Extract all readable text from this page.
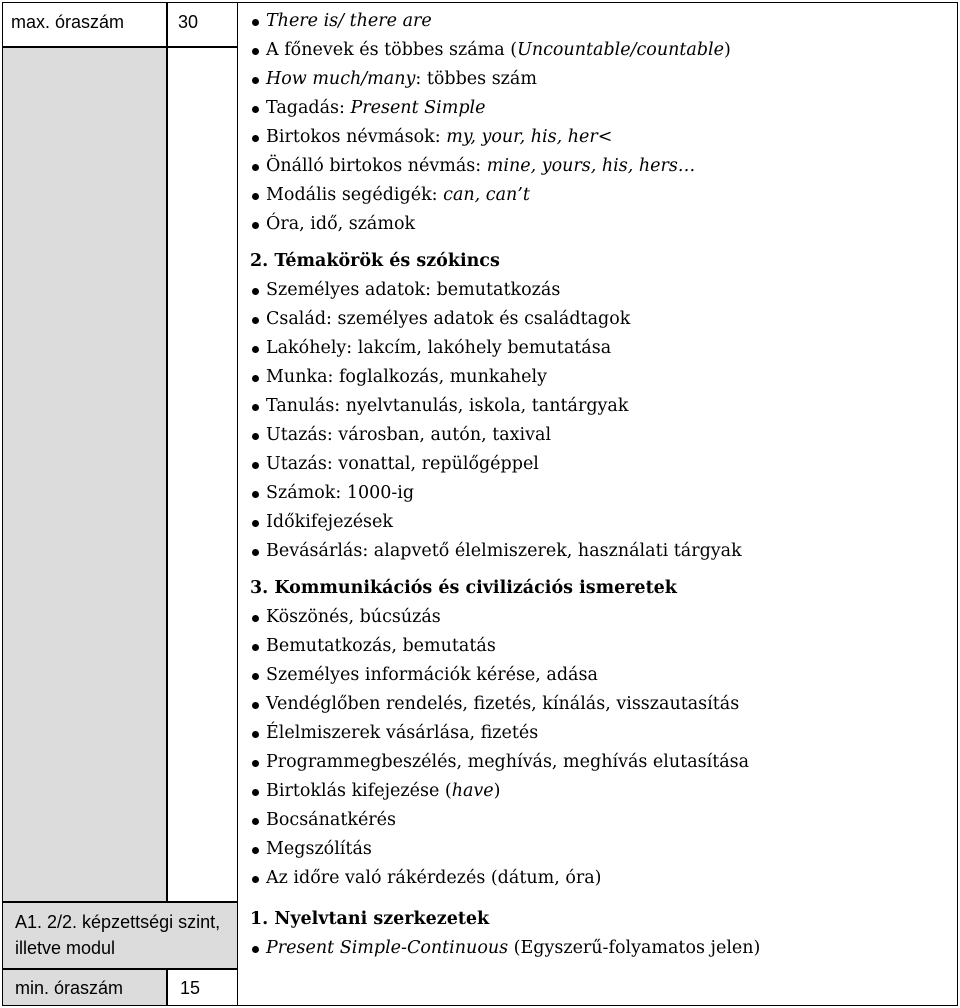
max. óraszám	30
A1. 2/2. képzettségi szint, illetve modul
min. óraszám	15
There is/ there are
A főnevek és többes száma (Uncountable/countable)
How much/many: többes szám
Tagadás: Present Simple
Birtokos névmások: my, your, his, her<
Önálló birtokos névmás: mine, yours, his, hers…
Modális segédigék: can, can’t
Óra, idő, számok

2. Témakörök és szókincs

Személyes adatok: bemutatkozás
Család: személyes adatok és családtagok
Lakóhely: lakcím, lakóhely bemutatása
Munka: foglalkozás, munkahely
Tanulás: nyelvtanulás, iskola, tantárgyak
Utazás: városban, autón, taxival
Utazás: vonattal, repülőgéppel
Számok: 1000-ig
Időkifejezések
Bevásárlás: alapvető élelmiszerek, használati tárgyak

3. Kommunikációs és civilizációs ismeretek

Köszönés, búcsúzás
Bemutatkozás, bemutatás
Személyes információk kérése, adása
Vendéglőben rendelés, fizetés, kínálás, visszautasítás
Élelmiszerek vásárlása, fizetés
Programmegbeszélés, meghívás, meghívás elutasítása
Birtoklás kifejezése (have)
Bocsánatkérés
Megszólítás
Az időre való rákérdezés (dátum, óra)

1. Nyelvtani szerkezetek

Present Simple-Continuous (Egyszerű-folyamatos jelen)
